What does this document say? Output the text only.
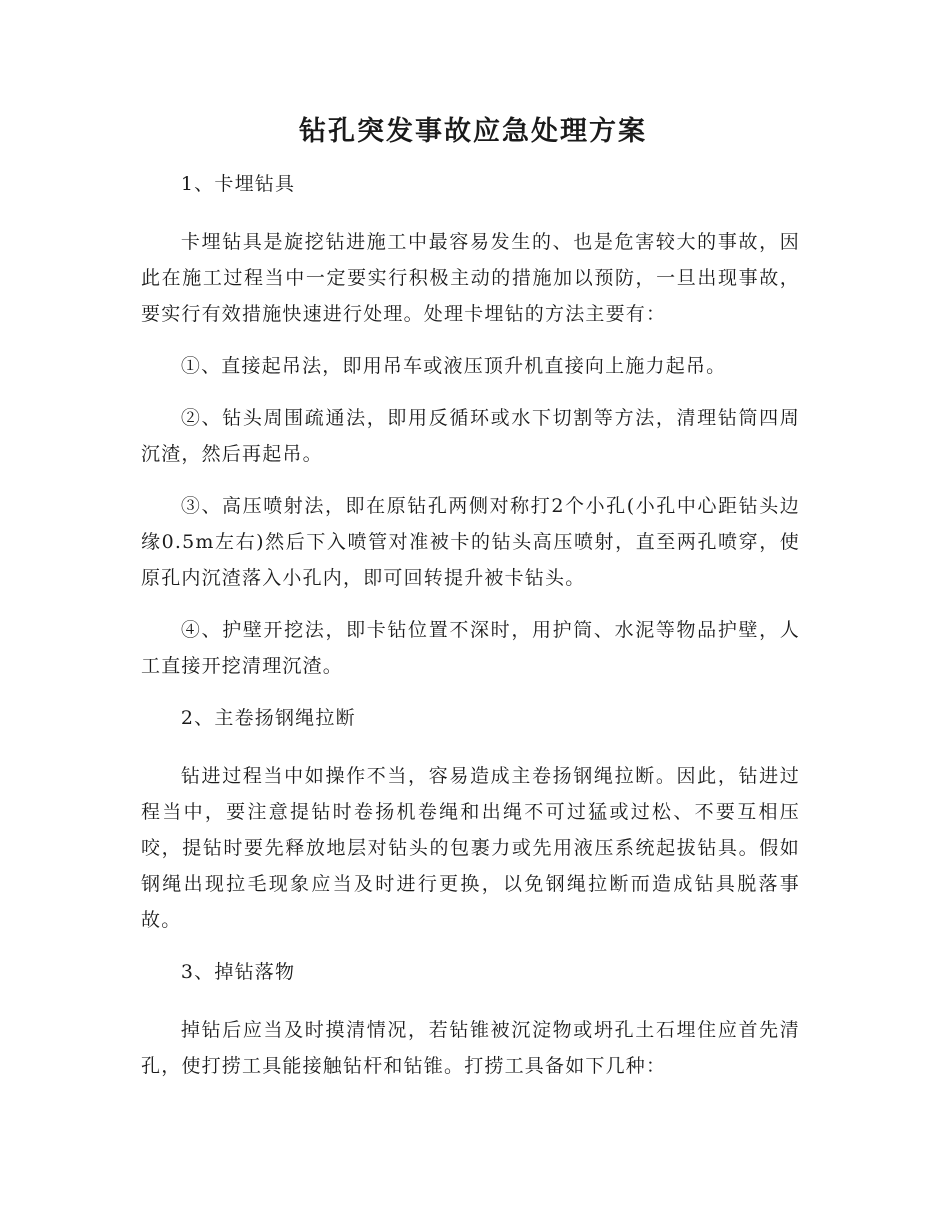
钻孔突发事故应急处理方案

1、卡埋钻具

卡埋钻具是旋挖钻进施工中最容易发生的、也是危害较大的事故，因此在施工过程当中一定要实行积极主动的措施加以预防，一旦出现事故，要实行有效措施快速进行处理。处理卡埋钻的方法主要有：

①、直接起吊法，即用吊车或液压顶升机直接向上施力起吊。

②、钻头周围疏通法，即用反循环或水下切割等方法，清理钻筒四周沉渣，然后再起吊。

③、高压喷射法，即在原钻孔两侧对称打2个小孔(小孔中心距钻头边缘0.5m左右)然后下入喷管对准被卡的钻头高压喷射，直至两孔喷穿，使原孔内沉渣落入小孔内，即可回转提升被卡钻头。

④、护壁开挖法，即卡钻位置不深时，用护筒、水泥等物品护壁，人工直接开挖清理沉渣。

2、主卷扬钢绳拉断

钻进过程当中如操作不当，容易造成主卷扬钢绳拉断。因此，钻进过程当中，要注意提钻时卷扬机卷绳和出绳不可过猛或过松、不要互相压咬，提钻时要先释放地层对钻头的包裹力或先用液压系统起拔钻具。假如钢绳出现拉毛现象应当及时进行更换，以免钢绳拉断而造成钻具脱落事故。

3、掉钻落物

掉钻后应当及时摸清情况，若钻锥被沉淀物或坍孔土石埋住应首先清孔，使打捞工具能接触钻杆和钻锥。打捞工具备如下几种：
